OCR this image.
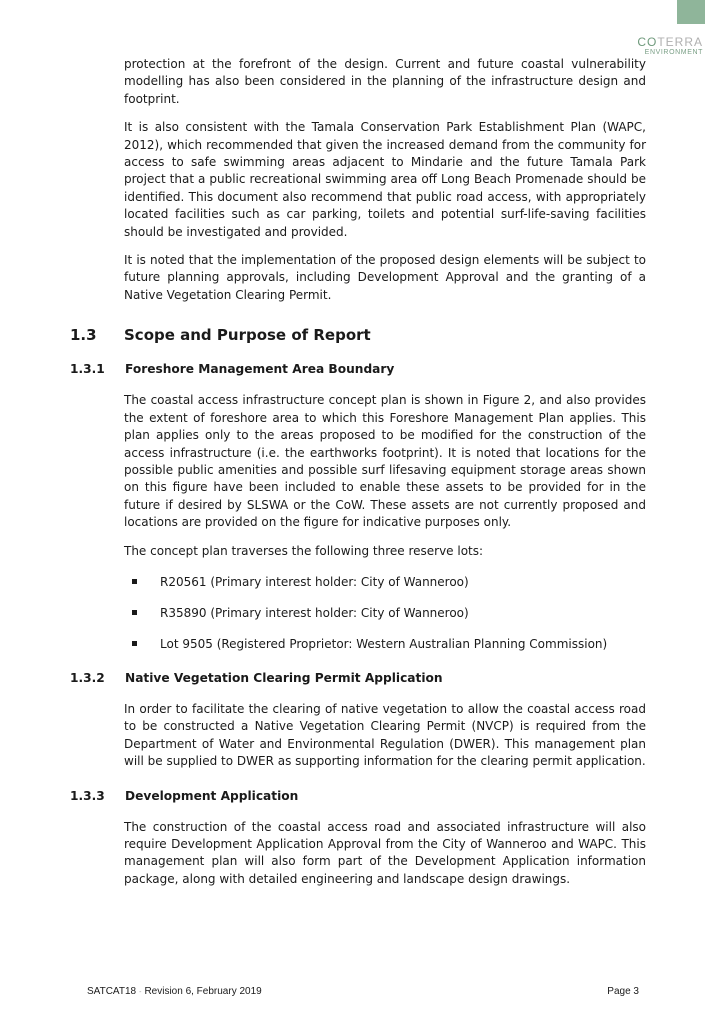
COTERRA
ENVIRONMENT

protection at the forefront of the design. Current and future coastal vulnerability modelling has also been considered in the planning of the infrastructure design and footprint.

It is also consistent with the Tamala Conservation Park Establishment Plan (WAPC, 2012), which recommended that given the increased demand from the community for access to safe swimming areas adjacent to Mindarie and the future Tamala Park project that a public recreational swimming area off Long Beach Promenade should be identified. This document also recommend that public road access, with appropriately located facilities such as car parking, toilets and potential surf-life-saving facilities should be investigated and provided.

It is noted that the implementation of the proposed design elements will be subject to future planning approvals, including Development Approval and the granting of a Native Vegetation Clearing Permit.

1.3 Scope and Purpose of Report
1.3.1 Foreshore Management Area Boundary

The coastal access infrastructure concept plan is shown in Figure 2, and also provides the extent of foreshore area to which this Foreshore Management Plan applies. This plan applies only to the areas proposed to be modified for the construction of the access infrastructure (i.e. the earthworks footprint). It is noted that locations for the possible public amenities and possible surf lifesaving equipment storage areas shown on this figure have been included to enable these assets to be provided for in the future if desired by SLSWA or the CoW. These assets are not currently proposed and locations are provided on the figure for indicative purposes only.

The concept plan traverses the following three reserve lots:

R20561 (Primary interest holder: City of Wanneroo)
R35890 (Primary interest holder: City of Wanneroo)
Lot 9505 (Registered Proprietor: Western Australian Planning Commission)
1.3.2 Native Vegetation Clearing Permit Application

In order to facilitate the clearing of native vegetation to allow the coastal access road to be constructed a Native Vegetation Clearing Permit (NVCP) is required from the Department of Water and Environmental Regulation (DWER). This management plan will be supplied to DWER as supporting information for the clearing permit application.

1.3.3 Development Application

The construction of the coastal access road and associated infrastructure will also require Development Application Approval from the City of Wanneroo and WAPC. This management plan will also form part of the Development Application information package, along with detailed engineering and landscape design drawings.

SATCAT18 - Revision 6, February 2019	Page 3
